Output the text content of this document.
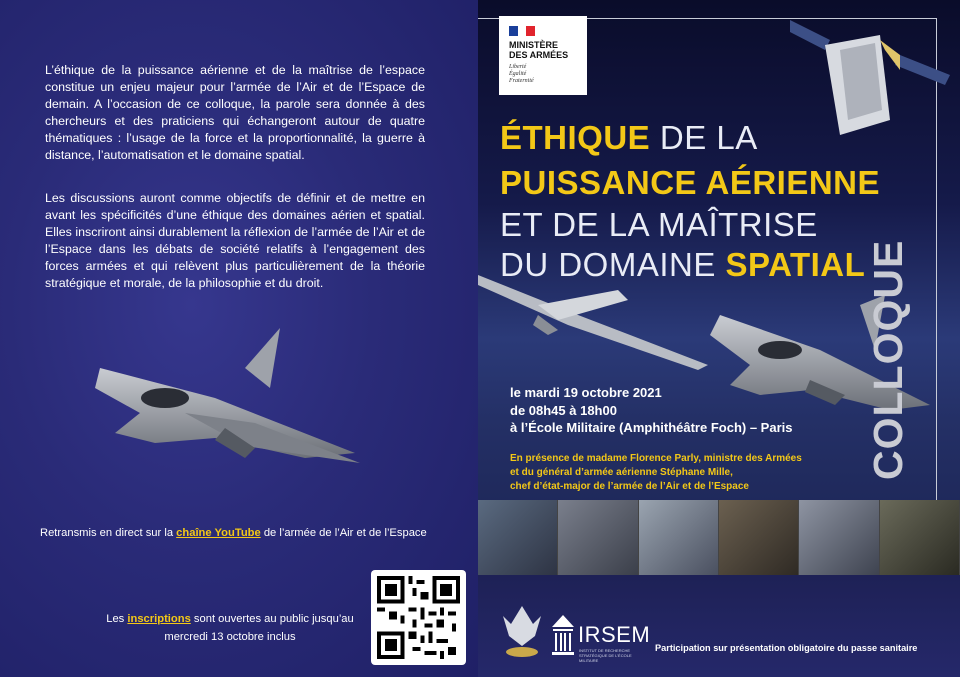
L’éthique de la puissance aérienne et de la maîtrise de l’espace constitue un enjeu majeur pour l’armée de l’Air et de l’Espace de demain. A l’occasion de ce colloque, la parole sera donnée à des chercheurs et des praticiens qui échangeront autour de quatre thématiques : l’usage de la force et la proportionnalité, la guerre à distance, l’automatisation et le domaine spatial.

Les discussions auront comme objectifs de définir et de mettre en avant les spécificités d’une éthique des domaines aérien et spatial. Elles inscriront ainsi durablement la réflexion de l’armée de l’Air et de l’Espace dans les débats de société relatifs à l’engagement des forces armées et qui relèvent plus particulièrement de la théorie stratégique et morale, de la philosophie et du droit.

Retransmis en direct sur la chaîne YouTube de l’armée de l’Air et de l’Espace
Les inscriptions sont ouvertes au public jusqu’au
mercredi 13 octobre inclus
MINISTÈRE
DES ARMÉES
Liberté
Égalité
Fraternité
ÉTHIQUE DE LA
PUISSANCE AÉRIENNE
ET DE LA MAÎTRISE
DU DOMAINE SPATIAL COLLOQUE
le mardi 19 octobre 2021
de 08h45 à 18h00
à l’École Militaire (Amphithéâtre Foch) – Paris
En présence de madame Florence Parly, ministre des Armées
et du général d’armée aérienne Stéphane Mille,
chef d’état-major de l’armée de l’Air et de l’Espace
IRSEM
INSTITUT DE RECHERCHE STRATÉGIQUE DE L’ÉCOLE MILITAIRE
Participation sur présentation obligatoire du passe sanitaire
